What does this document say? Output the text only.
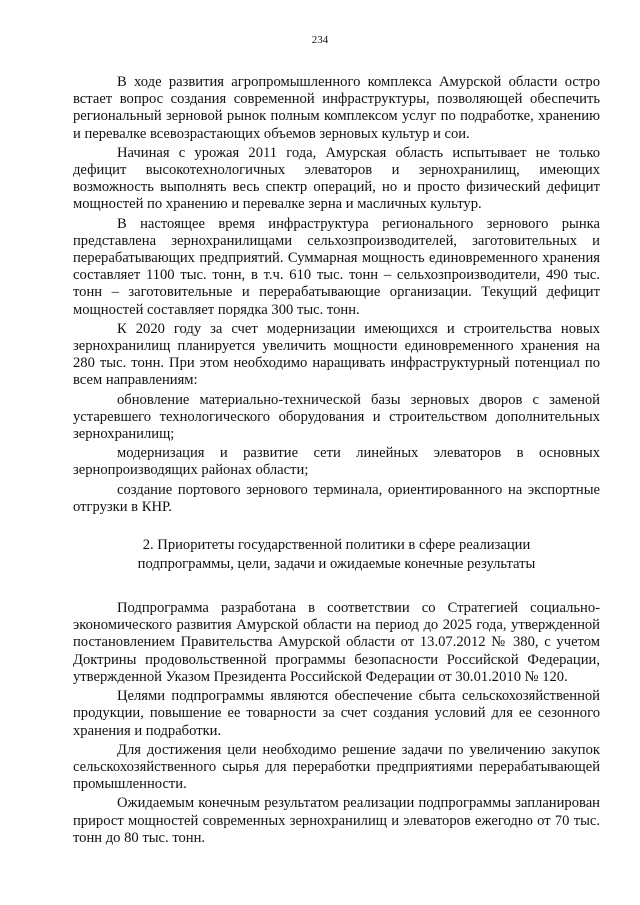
234

В ходе развития агропромышленного комплекса Амурской области остро встает вопрос создания современной инфраструктуры, позволяющей обеспечить региональный зерновой рынок полным комплексом услуг по подработке, хранению и перевалке всевозрастающих объемов зерновых культур и сои.

Начиная с урожая 2011 года, Амурская область испытывает не только дефицит высокотехнологичных элеваторов и зернохранилищ, имеющих возможность выполнять весь спектр операций, но и просто физический дефицит мощностей по хранению и перевалке зерна и масличных культур.

В настоящее время инфраструктура регионального зернового рынка представлена зернохранилищами сельхозпроизводителей, заготовительных и перерабатывающих предприятий. Суммарная мощность единовременного хранения составляет 1100 тыс. тонн, в т.ч. 610 тыс. тонн – сельхозпроизводители, 490 тыс. тонн – заготовительные и перерабатывающие организации. Текущий дефицит мощностей составляет порядка 300 тыс. тонн.

К 2020 году за счет модернизации имеющихся и строительства новых зернохранилищ планируется увеличить мощности единовременного хранения на 280 тыс. тонн. При этом необходимо наращивать инфраструктурный потенциал по всем направлениям:

обновление материально-технической базы зерновых дворов с заменой устаревшего технологического оборудования и строительством дополнительных зернохранилищ;

модернизация и развитие сети линейных элеваторов в основных зернопроизводящих районах области;

создание портового зернового терминала, ориентированного на экспортные отгрузки в КНР.

2. Приоритеты государственной политики в сфере реализации
подпрограммы, цели, задачи и ожидаемые конечные результаты

Подпрограмма разработана в соответствии со Стратегией социально-экономического развития Амурской области на период до 2025 года, утвержденной постановлением Правительства Амурской области от 13.07.2012 № 380, с учетом Доктрины продовольственной программы безопасности Российской Федерации, утвержденной Указом Президента Российской Федерации от 30.01.2010 № 120.

Целями подпрограммы являются обеспечение сбыта сельскохозяйственной продукции, повышение ее товарности за счет создания условий для ее сезонного хранения и подработки.

Для достижения цели необходимо решение задачи по увеличению закупок сельскохозяйственного сырья для переработки предприятиями перерабатывающей промышленности.

Ожидаемым конечным результатом реализации подпрограммы запланирован прирост мощностей современных зернохранилищ и элеваторов ежегодно от 70 тыс. тонн до 80 тыс. тонн.
